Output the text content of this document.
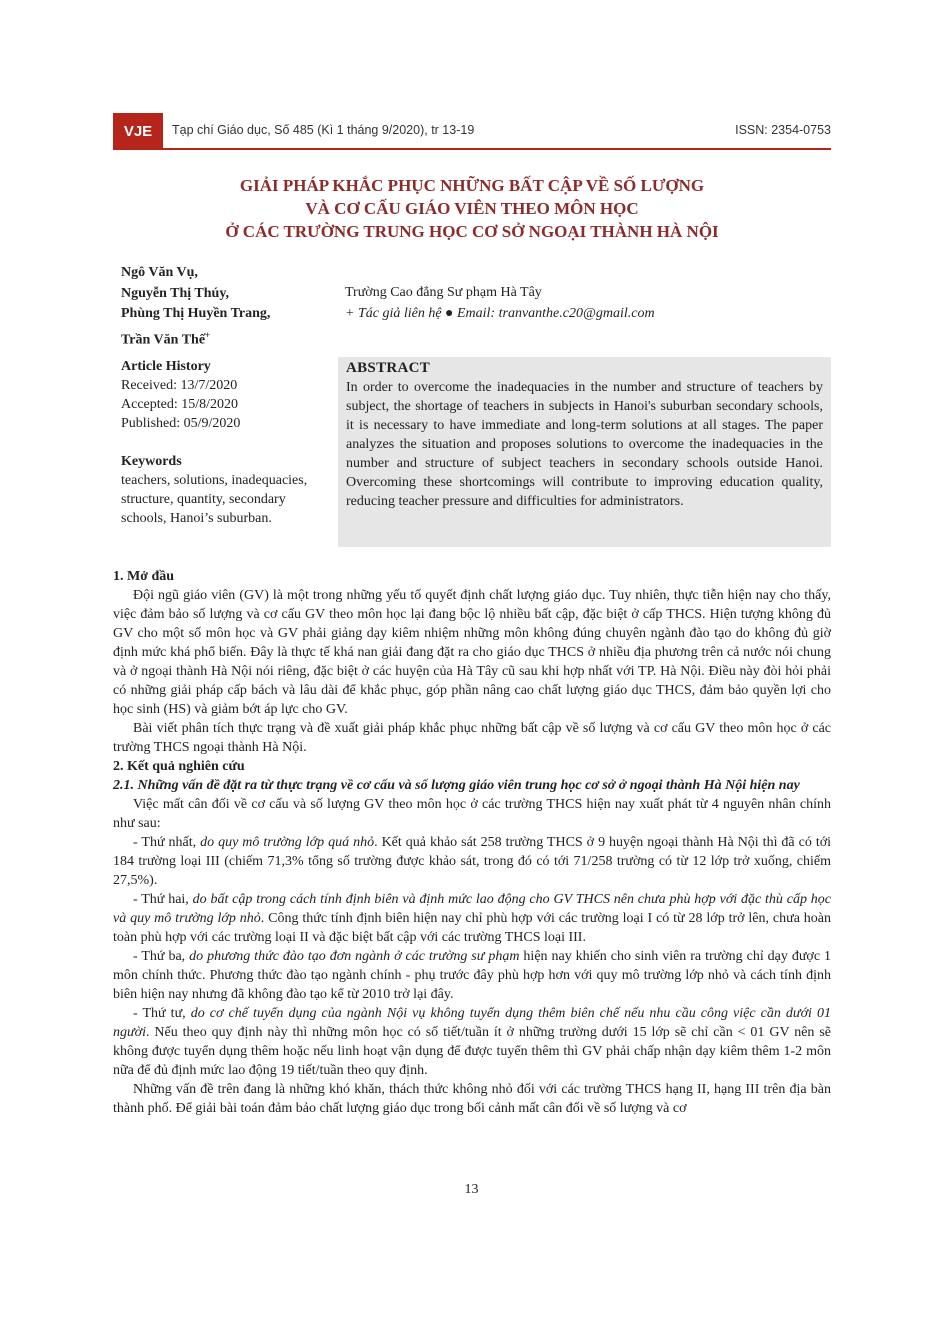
VJE	Tạp chí Giáo dục, Số 485 (Kì 1 tháng 9/2020), tr 13-19	ISSN: 2354-0753
GIẢI PHÁP KHẮC PHỤC NHỮNG BẤT CẬP VỀ SỐ LƯỢNG
VÀ CƠ CẤU GIÁO VIÊN THEO MÔN HỌC
Ở CÁC TRƯỜNG TRUNG HỌC CƠ SỞ NGOẠI THÀNH HÀ NỘI
Ngô Văn Vụ,
Nguyễn Thị Thúy,
Phùng Thị Huyền Trang,
Trần Văn Thế+
Trường Cao đẳng Sư phạm Hà Tây
+ Tác giả liên hệ ● Email: tranvanthe.c20@gmail.com
Article History
Received: 13/7/2020
Accepted: 15/8/2020
Published: 05/9/2020
Keywords
teachers, solutions, inadequacies, structure, quantity, secondary schools, Hanoi’s suburban.
ABSTRACT

In order to overcome the inadequacies in the number and structure of teachers by subject, the shortage of teachers in subjects in Hanoi's suburban secondary schools, it is necessary to have immediate and long-term solutions at all stages. The paper analyzes the situation and proposes solutions to overcome the inadequacies in the number and structure of subject teachers in secondary schools outside Hanoi. Overcoming these shortcomings will contribute to improving education quality, reducing teacher pressure and difficulties for administrators.

1. Mở đầu

Đội ngũ giáo viên (GV) là một trong những yếu tố quyết định chất lượng giáo dục. Tuy nhiên, thực tiễn hiện nay cho thấy, việc đảm bảo số lượng và cơ cấu GV theo môn học lại đang bộc lộ nhiều bất cập, đặc biệt ở cấp THCS. Hiện tượng không đủ GV cho một số môn học và GV phải giảng dạy kiêm nhiệm những môn không đúng chuyên ngành đào tạo do không đủ giờ định mức khá phổ biến. Đây là thực tế khá nan giải đang đặt ra cho giáo dục THCS ở nhiều địa phương trên cả nước nói chung và ở ngoại thành Hà Nội nói riêng, đặc biệt ở các huyện của Hà Tây cũ sau khi hợp nhất với TP. Hà Nội. Điều này đòi hỏi phải có những giải pháp cấp bách và lâu dài để khắc phục, góp phần nâng cao chất lượng giáo dục THCS, đảm bảo quyền lợi cho học sinh (HS) và giảm bớt áp lực cho GV.

Bài viết phân tích thực trạng và đề xuất giải pháp khắc phục những bất cập về số lượng và cơ cấu GV theo môn học ở các trường THCS ngoại thành Hà Nội.

2. Kết quả nghiên cứu

2.1. Những vấn đề đặt ra từ thực trạng về cơ cấu và số lượng giáo viên trung học cơ sở ở ngoại thành Hà Nội hiện nay

Việc mất cân đối về cơ cấu và số lượng GV theo môn học ở các trường THCS hiện nay xuất phát từ 4 nguyên nhân chính như sau:

- Thứ nhất, do quy mô trường lớp quá nhỏ. Kết quả khảo sát 258 trường THCS ở 9 huyện ngoại thành Hà Nội thì đã có tới 184 trường loại III (chiếm 71,3% tổng số trường được khảo sát, trong đó có tới 71/258 trường có từ 12 lớp trở xuống, chiếm 27,5%).

- Thứ hai, do bất cập trong cách tính định biên và định mức lao động cho GV THCS nên chưa phù hợp với đặc thù cấp học và quy mô trường lớp nhỏ. Công thức tính định biên hiện nay chỉ phù hợp với các trường loại I có từ 28 lớp trở lên, chưa hoàn toàn phù hợp với các trường loại II và đặc biệt bất cập với các trường THCS loại III.

- Thứ ba, do phương thức đào tạo đơn ngành ở các trường sư phạm hiện nay khiến cho sinh viên ra trường chỉ dạy được 1 môn chính thức. Phương thức đào tạo ngành chính - phụ trước đây phù hợp hơn với quy mô trường lớp nhỏ và cách tính định biên hiện nay nhưng đã không đào tạo kể từ 2010 trở lại đây.

- Thứ tư, do cơ chế tuyển dụng của ngành Nội vụ không tuyển dụng thêm biên chế nếu nhu cầu công việc cần dưới 01 người. Nếu theo quy định này thì những môn học có số tiết/tuần ít ở những trường dưới 15 lớp sẽ chỉ cần < 01 GV nên sẽ không được tuyển dụng thêm hoặc nếu linh hoạt vận dụng để được tuyển thêm thì GV phải chấp nhận dạy kiêm thêm 1-2 môn nữa để đủ định mức lao động 19 tiết/tuần theo quy định.

Những vấn đề trên đang là những khó khăn, thách thức không nhỏ đối với các trường THCS hạng II, hạng III trên địa bàn thành phố. Để giải bài toán đảm bảo chất lượng giáo dục trong bối cảnh mất cân đối về số lượng và cơ

13
